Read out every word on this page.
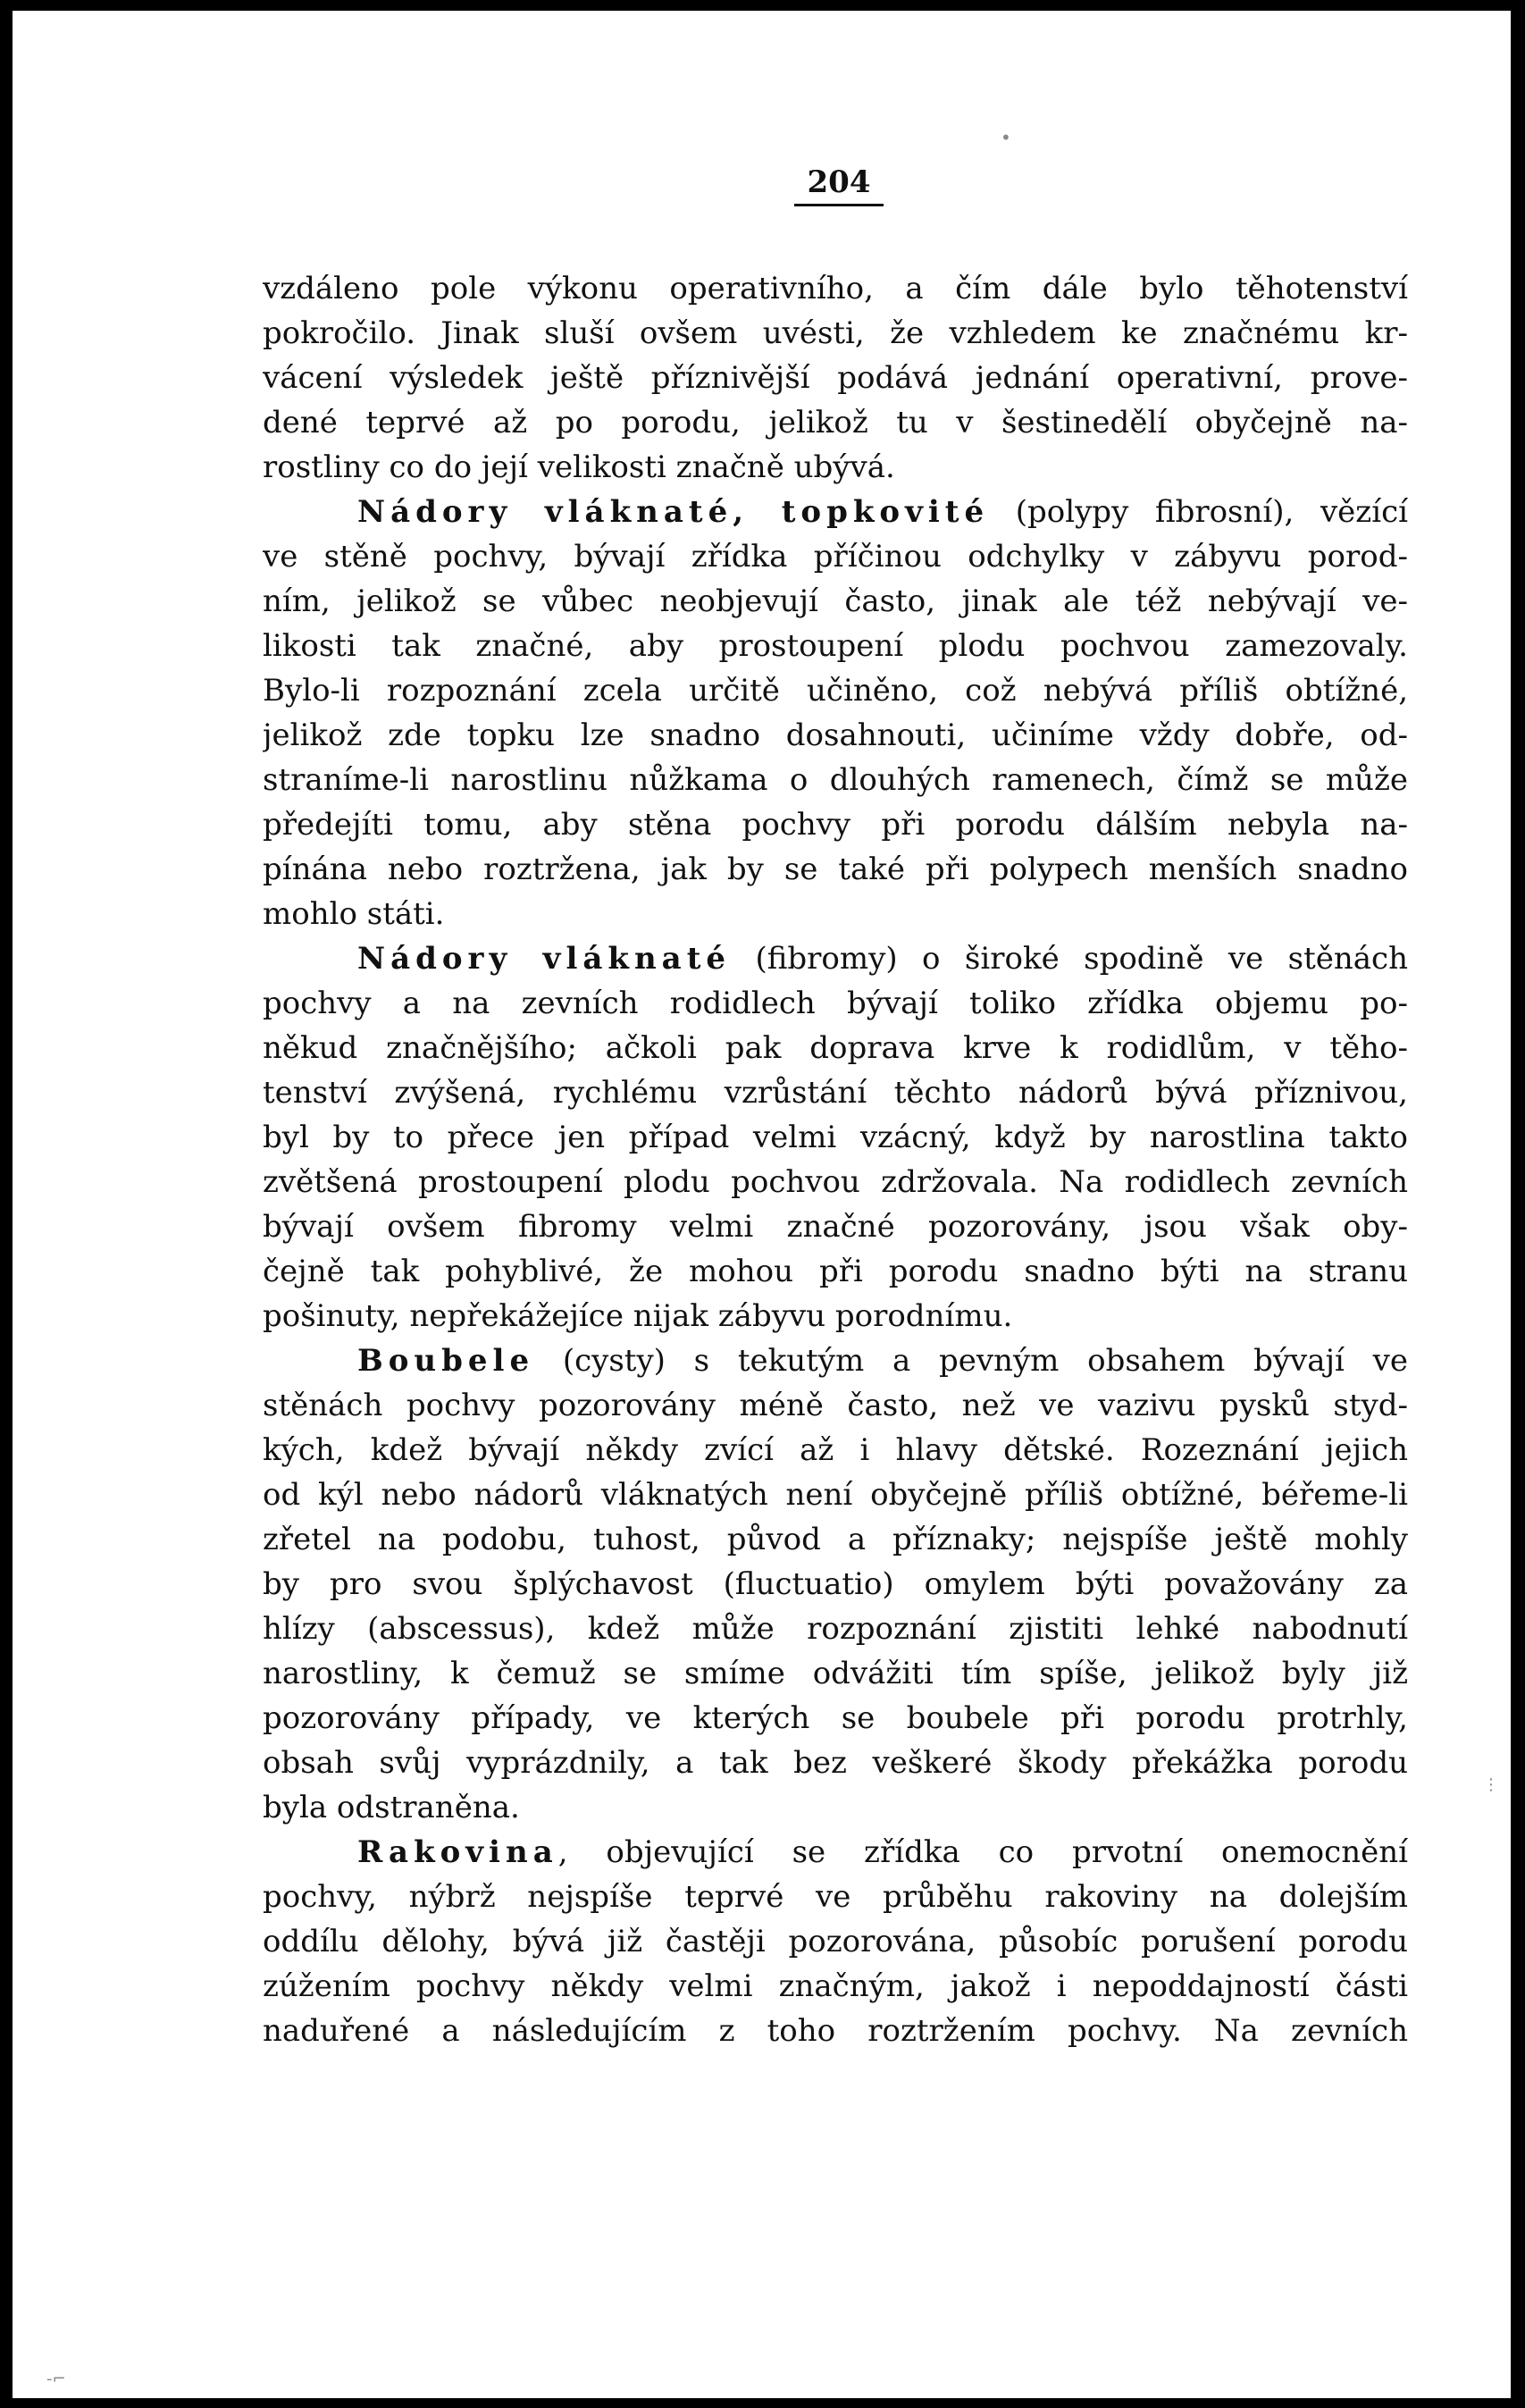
204
vzdáleno pole výkonu operativního, a čím dále bylo těhotenství
pokročilo. Jinak sluší ovšem uvésti, že vzhledem ke značnému kr-
vácení výsledek ještě příznivější podává jednání operativní, prove-
dené teprvé až po porodu, jelikož tu v šestinedělí obyčejně na-
rostliny co do její velikosti značně ubývá.
Nádory vláknaté, topkovité (polypy fibrosní), vězící
ve stěně pochvy, bývají zřídka příčinou odchylky v zábyvu porod-
ním, jelikož se vůbec neobjevují často, jinak ale též nebývají ve-
likosti tak značné, aby prostoupení plodu pochvou zamezovaly.
Bylo-li rozpoznání zcela určitě učiněno, což nebývá příliš obtížné,
jelikož zde topku lze snadno dosahnouti, učiníme vždy dobře, od-
straníme-li narostlinu nůžkama o dlouhých ramenech, čímž se může
předejíti tomu, aby stěna pochvy při porodu dálším nebyla na-
pínána nebo roztržena, jak by se také při polypech menších snadno
mohlo státi.
Nádory vláknaté (fibromy) o široké spodině ve stěnách
pochvy a na zevních rodidlech bývají toliko zřídka objemu po-
někud značnějšího; ačkoli pak doprava krve k rodidlům, v těho-
tenství zvýšená, rychlému vzrůstání těchto nádorů bývá příznivou,
byl by to přece jen případ velmi vzácný, když by narostlina takto
zvětšená prostoupení plodu pochvou zdržovala. Na rodidlech zevních
bývají ovšem fibromy velmi značné pozorovány, jsou však oby-
čejně tak pohyblivé, že mohou při porodu snadno býti na stranu
pošinuty, nepřekážejíce nijak zábyvu porodnímu.
Boubele (cysty) s tekutým a pevným obsahem bývají ve
stěnách pochvy pozorovány méně často, než ve vazivu pysků styd-
kých, kdež bývají někdy zvící až i hlavy dětské. Rozeznání jejich
od kýl nebo nádorů vláknatých není obyčejně příliš obtížné, béřeme-li
zřetel na podobu, tuhost, původ a příznaky; nejspíše ještě mohly
by pro svou šplýchavost (fluctuatio) omylem býti považovány za
hlízy (abscessus), kdež může rozpoznání zjistiti lehké nabodnutí
narostliny, k čemuž se smíme odvážiti tím spíše, jelikož byly již
pozorovány případy, ve kterých se boubele při porodu protrhly,
obsah svůj vyprázdnily, a tak bez veškeré škody překážka porodu
byla odstraněna.
Rakovina, objevující se zřídka co prvotní onemocnění
pochvy, nýbrž nejspíše teprvé ve průběhu rakoviny na dolejším
oddílu dělohy, bývá již častěji pozorována, působíc porušení porodu
zúžením pochvy někdy velmi značným, jakož i nepoddajností části
naduřené a následujícím z toho roztržením pochvy. Na zevních
•
⋮
-⌐
